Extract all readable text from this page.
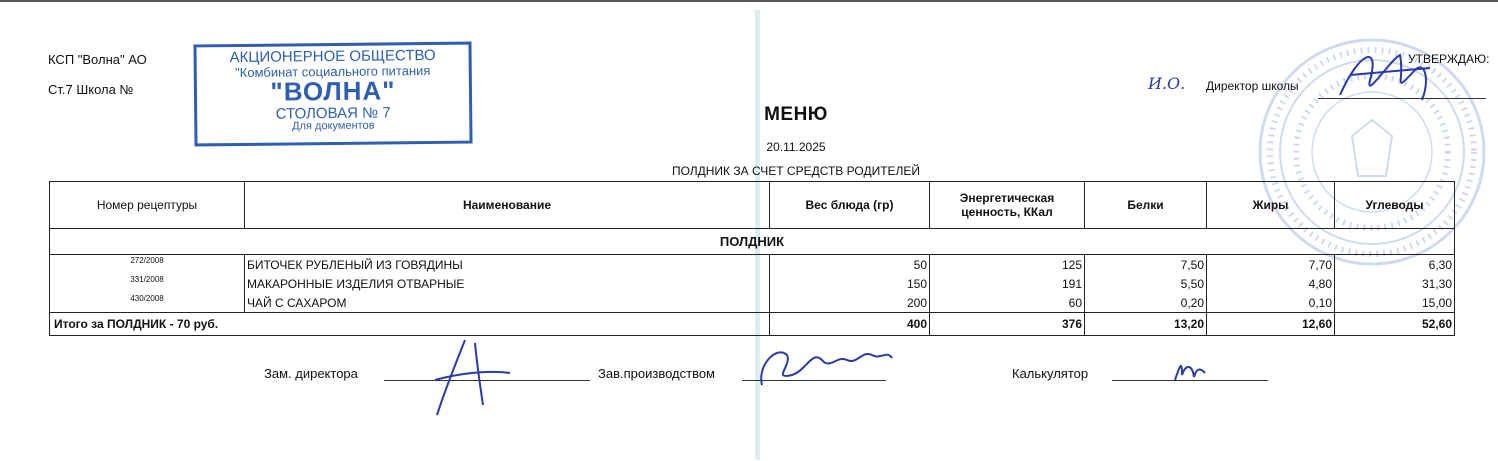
КСП "Волна" АО
Ст.7 Школа №
АКЦИОНЕРНОЕ ОБЩЕСТВО
"Комбинат социального питания
"ВОЛНА"
СТОЛОВАЯ № 7
Для документов
УТВЕРЖДАЮ:
И.О. Директор школы
МЕНЮ
20.11.2025
ПОЛДНИК ЗА СЧЕТ СРЕДСТВ РОДИТЕЛЕЙ
Номер рецептуры	Наименование	Вес блюда (гр)	Энергетическая ценность, ККал	Белки	Жиры	Углеводы
ПОЛДНИК						
272/2008	БИТОЧЕК РУБЛЕНЫЙ ИЗ ГОВЯДИНЫ	50	125	7,50	7,70	6,30
331/2008	МАКАРОННЫЕ ИЗДЕЛИЯ ОТВАРНЫЕ	150	191	5,50	4,80	31,30
430/2008	ЧАЙ С САХАРОМ	200	60	0,20	0,10	15,00
Итого за ПОЛДНИК - 70 руб.		400	376	13,20	12,60	52,60
Зам. директора	Зав.производством	Калькулятор
